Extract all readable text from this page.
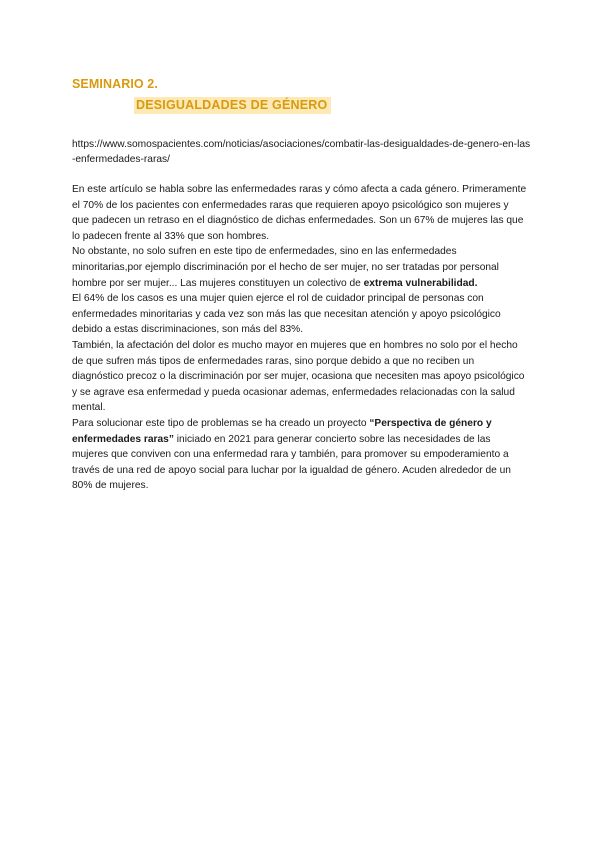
SEMINARIO 2.
DESIGUALDADES DE GÉNERO
https://www.somospacientes.com/noticias/asociaciones/combatir-las-desigualdades-de-genero-en-las-enfermedades-raras/

En este artículo se habla sobre las enfermedades raras y cómo afecta a cada género. Primeramente el 70% de los pacientes con enfermedades raras que requieren apoyo psicológico son mujeres y que padecen un retraso en el diagnóstico de dichas enfermedades. Son un 67% de mujeres las que lo padecen frente al 33% que son hombres.

No obstante, no solo sufren en este tipo de enfermedades, sino en las enfermedades minoritarias,por ejemplo discriminación por el hecho de ser mujer, no ser tratadas por personal hombre por ser mujer... Las mujeres constituyen un colectivo de extrema vulnerabilidad.

El 64% de los casos es una mujer quien ejerce el rol de cuidador principal de personas con enfermedades minoritarias y cada vez son más las que necesitan atención y apoyo psicológico debido a estas discriminaciones, son más del 83%.

También, la afectación del dolor es mucho mayor en mujeres que en hombres no solo por el hecho de que sufren más tipos de enfermedades raras, sino porque debido a que no reciben un diagnóstico precoz o la discriminación por ser mujer, ocasiona que necesiten mas apoyo psicológico y se agrave esa enfermedad y pueda ocasionar ademas, enfermedades relacionadas con la salud mental.

Para solucionar este tipo de problemas se ha creado un proyecto “Perspectiva de género y enfermedades raras” iniciado en 2021 para generar concierto sobre las necesidades de las mujeres que conviven con una enfermedad rara y también, para promover su empoderamiento a través de una red de apoyo social para luchar por la igualdad de género. Acuden alrededor de un 80% de mujeres.
